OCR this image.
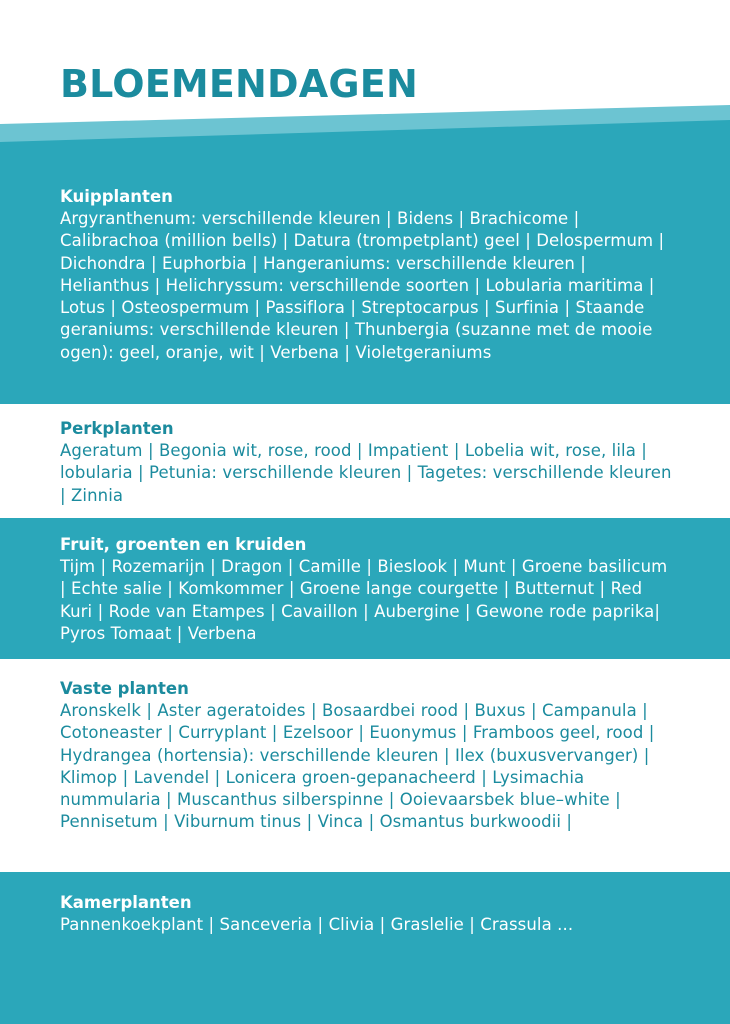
BLOEMENDAGEN
Kuipplanten

Argyranthenum: verschillende kleuren | Bidens | Brachicome | Calibrachoa (million bells) | Datura (trompetplant) geel | Delospermum | Dichondra | Euphorbia | Hangeraniums: verschillende kleuren | Helianthus | Helichryssum: verschillende soorten | Lobularia maritima | Lotus | Osteospermum | Passiflora | Streptocarpus | Surfinia | Staande geraniums: verschillende kleuren | Thunbergia (suzanne met de mooie ogen): geel, oranje, wit | Verbena | Violetgeraniums

Perkplanten

Ageratum | Begonia wit, rose, rood | Impatient | Lobelia wit, rose, lila | lobularia | Petunia: verschillende kleuren | Tagetes: verschillende kleuren | Zinnia

Fruit, groenten en kruiden

Tijm | Rozemarijn | Dragon | Camille | Bieslook | Munt | Groene basilicum | Echte salie | Komkommer | Groene lange courgette | Butternut | Red Kuri | Rode van Etampes | Cavaillon | Aubergine | Gewone rode paprika| Pyros Tomaat | Verbena

Vaste planten

Aronskelk | Aster ageratoides | Bosaardbei rood | Buxus | Campanula | Cotoneaster | Curryplant | Ezelsoor | Euonymus | Framboos geel, rood | Hydrangea (hortensia): verschillende kleuren | Ilex (buxusvervanger) | Klimop | Lavendel | Lonicera groen-gepanacheerd | Lysimachia nummularia | Muscanthus silberspinne | Ooievaarsbek blue–white | Pennisetum | Viburnum tinus | Vinca | Osmantus burkwoodii |

Kamerplanten

Pannenkoekplant | Sanceveria | Clivia | Graslelie | Crassula ...
